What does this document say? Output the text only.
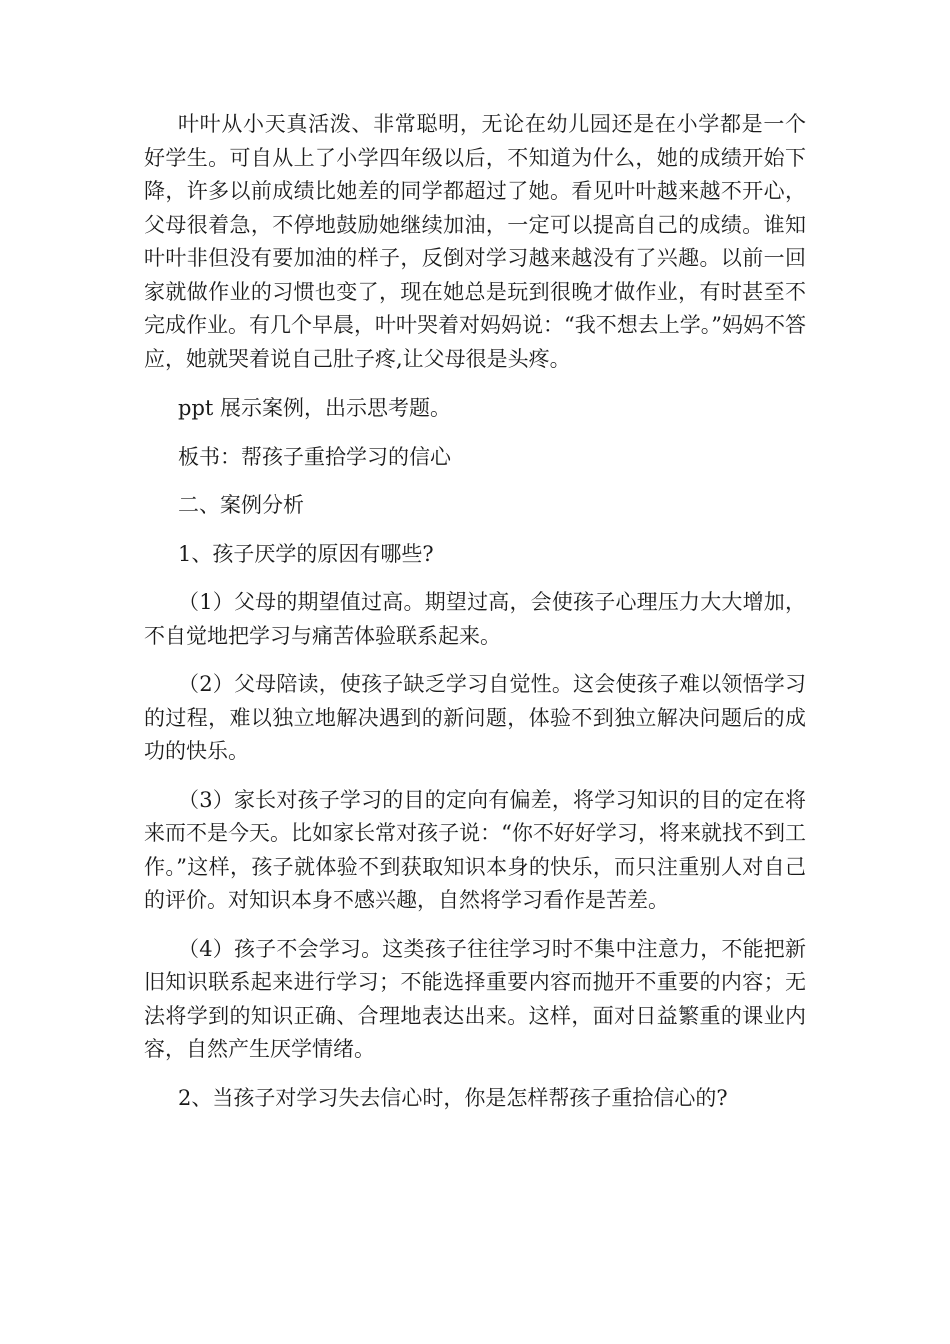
叶叶从小天真活泼、非常聪明，无论在幼儿园还是在小学都是一个好学生。可自从上了小学四年级以后，不知道为什么，她的成绩开始下降，许多以前成绩比她差的同学都超过了她。看见叶叶越来越不开心，父母很着急，不停地鼓励她继续加油，一定可以提高自己的成绩。谁知叶叶非但没有要加油的样子，反倒对学习越来越没有了兴趣。以前一回家就做作业的习惯也变了，现在她总是玩到很晚才做作业，有时甚至不完成作业。有几个早晨，叶叶哭着对妈妈说：“我不想去上学。”妈妈不答应，她就哭着说自己肚子疼,让父母很是头疼。

ppt 展示案例，出示思考题。

板书：帮孩子重拾学习的信心

二、案例分析

1、孩子厌学的原因有哪些?

（1）父母的期望值过高。期望过高，会使孩子心理压力大大增加，不自觉地把学习与痛苦体验联系起来。

（2）父母陪读，使孩子缺乏学习自觉性。这会使孩子难以领悟学习的过程，难以独立地解决遇到的新问题，体验不到独立解决问题后的成功的快乐。

（3）家长对孩子学习的目的定向有偏差，将学习知识的目的定在将来而不是今天。比如家长常对孩子说：“你不好好学习，将来就找不到工作。”这样，孩子就体验不到获取知识本身的快乐，而只注重别人对自己的评价。对知识本身不感兴趣，自然将学习看作是苦差。

（4）孩子不会学习。这类孩子往往学习时不集中注意力，不能把新旧知识联系起来进行学习；不能选择重要内容而抛开不重要的内容；无法将学到的知识正确、合理地表达出来。这样，面对日益繁重的课业内容，自然产生厌学情绪。

2、当孩子对学习失去信心时，你是怎样帮孩子重拾信心的?
